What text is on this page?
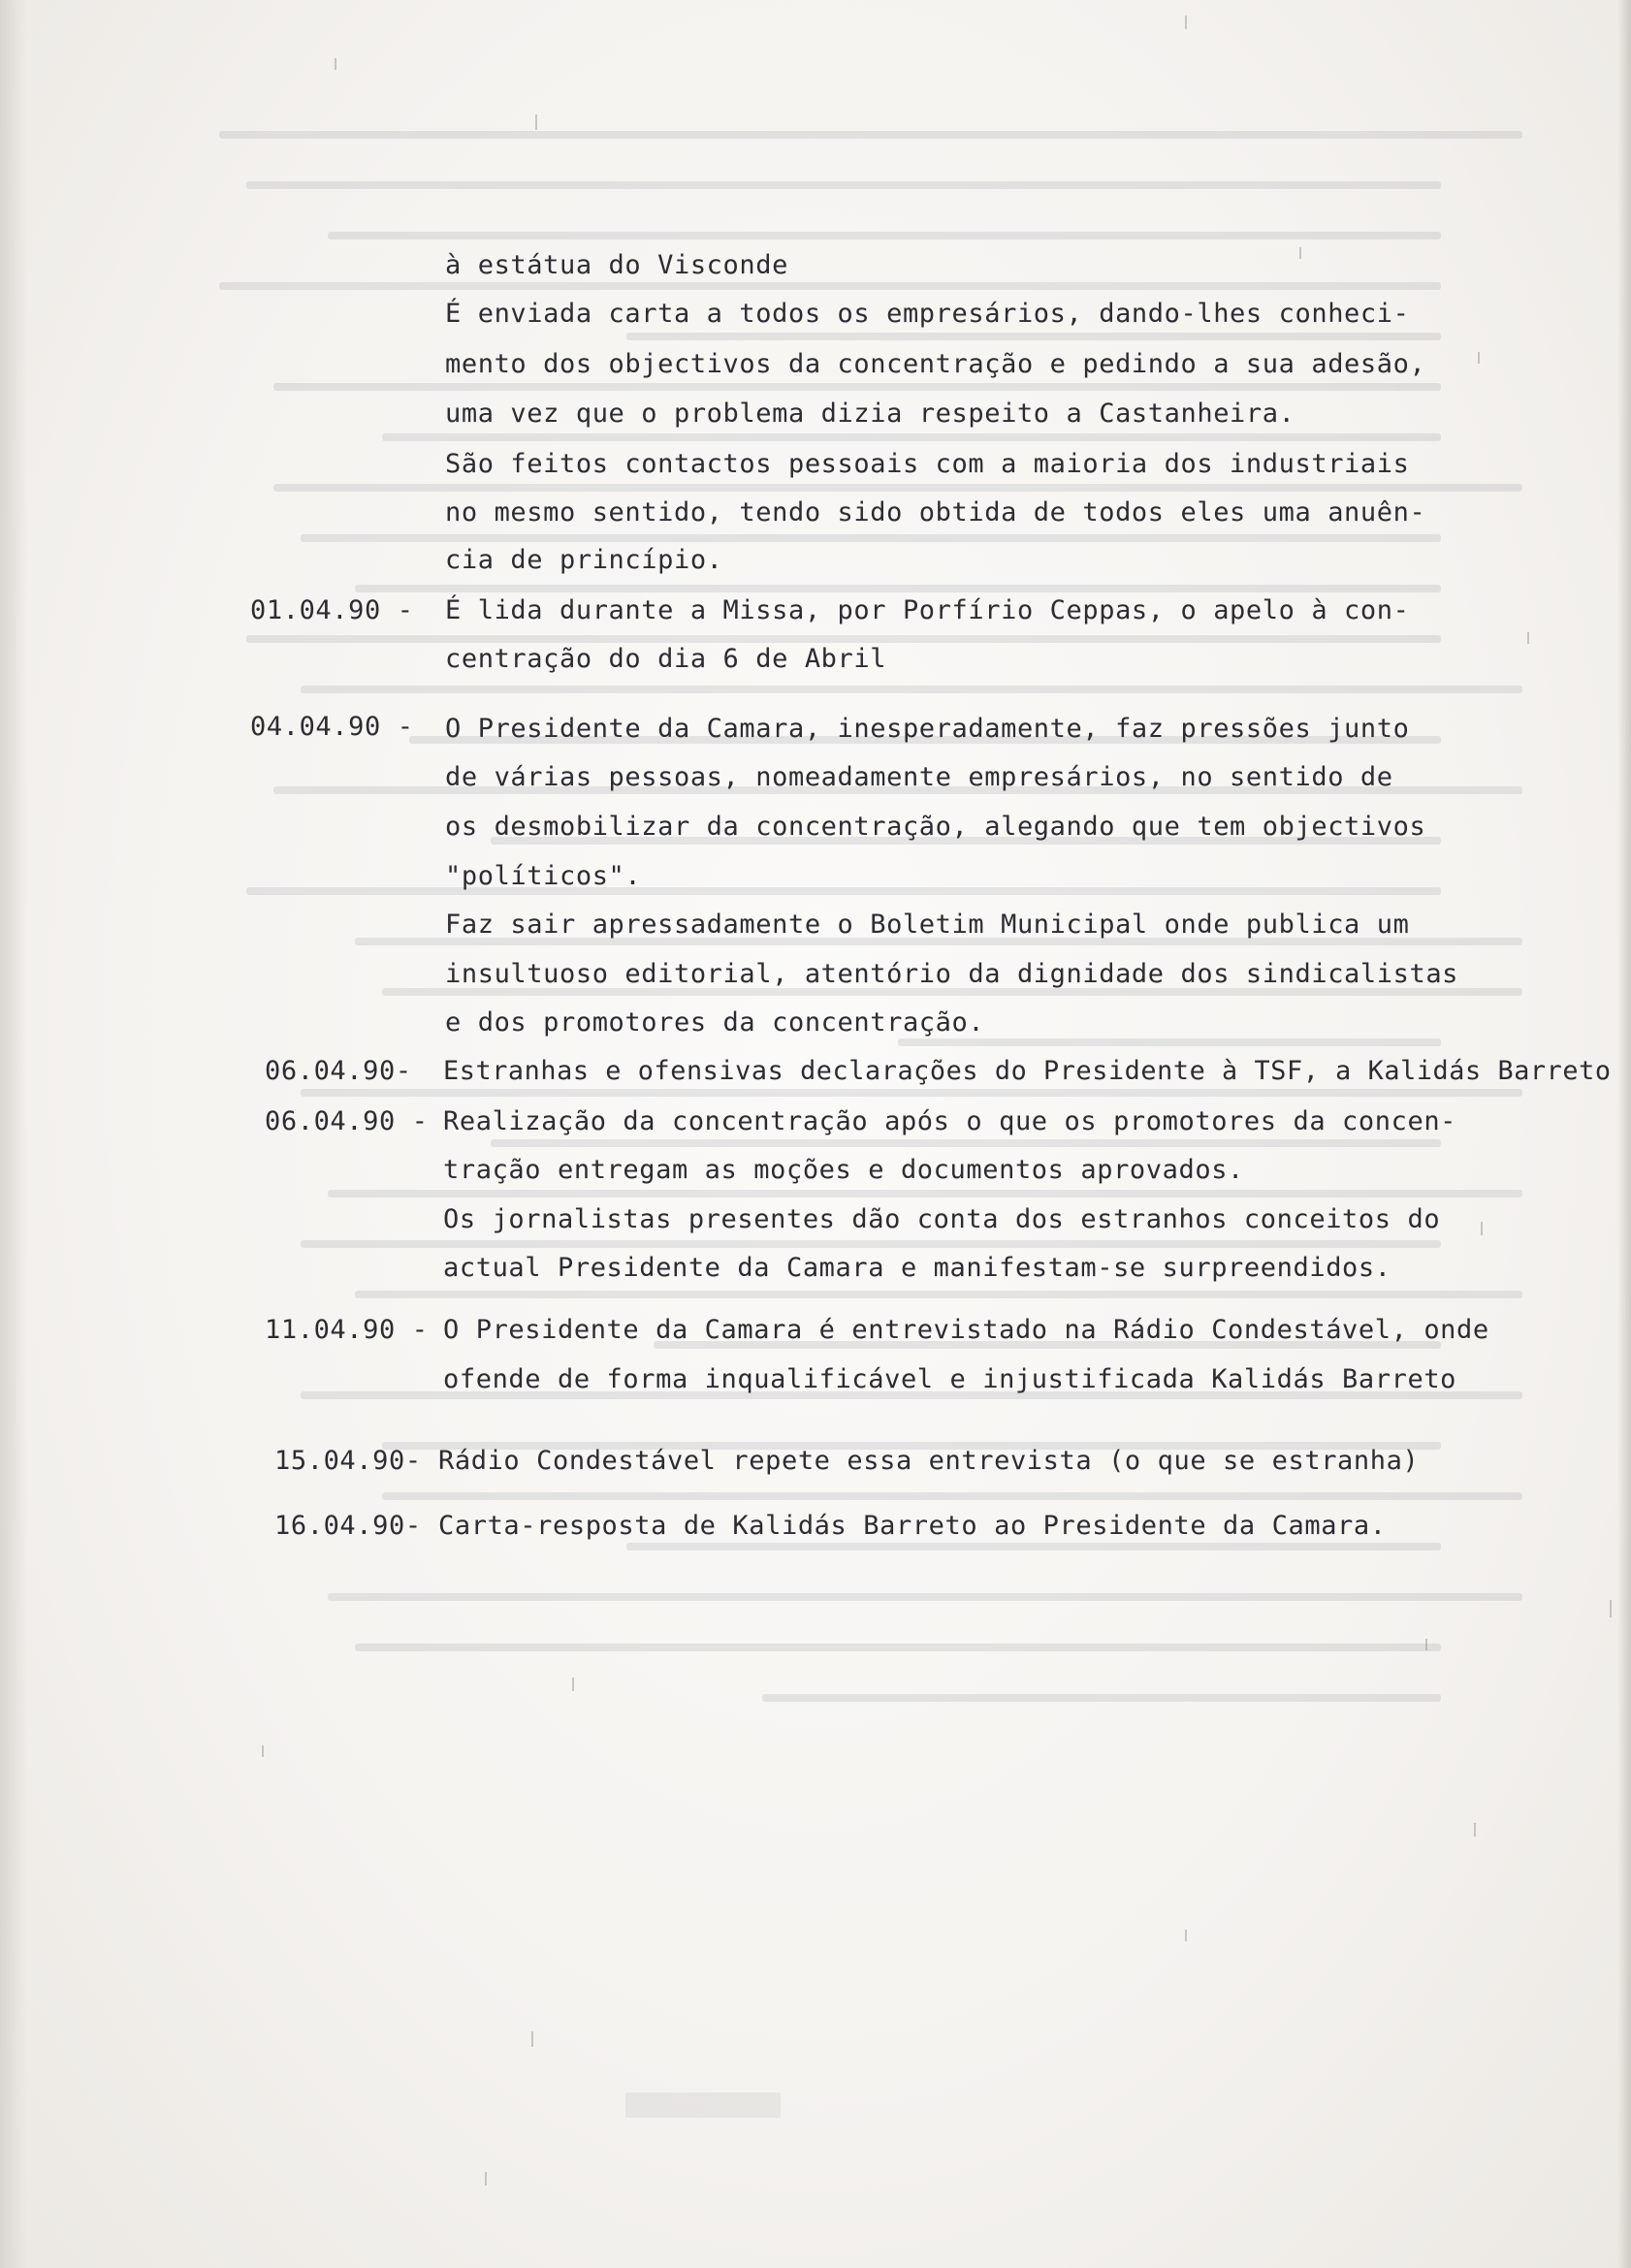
à estátua do Visconde
É enviada carta a todos os empresários, dando-lhes conheci-
mento dos objectivos da concentração e pedindo a sua adesão,
uma vez que o problema dizia respeito a Castanheira.
São feitos contactos pessoais com a maioria dos industriais
no mesmo sentido, tendo sido obtida de todos eles uma anuên-
cia de princípio.
01.04.90 - É lida durante a Missa, por Porfírio Ceppas, o apelo à con-
centração do dia 6 de Abril
04.04.90 - O Presidente da Camara, inesperadamente, faz pressões junto
de várias pessoas, nomeadamente empresários, no sentido de
os desmobilizar da concentração, alegando que tem objectivos
"políticos".
Faz sair apressadamente o Boletim Municipal onde publica um
insultuoso editorial, atentório da dignidade dos sindicalistas
e dos promotores da concentração.
06.04.90- Estranhas e ofensivas declarações do Presidente à TSF, a Kalidás Barreto
06.04.90 - Realização da concentração após o que os promotores da concen-
tração entregam as moções e documentos aprovados.
Os jornalistas presentes dão conta dos estranhos conceitos do
actual Presidente da Camara e manifestam-se surpreendidos.
11.04.90 - O Presidente da Camara é entrevistado na Rádio Condestável, onde
ofende de forma inqualificável e injustificada Kalidás Barreto
15.04.90- Rádio Condestável repete essa entrevista (o que se estranha)
16.04.90- Carta-resposta de Kalidás Barreto ao Presidente da Camara.
